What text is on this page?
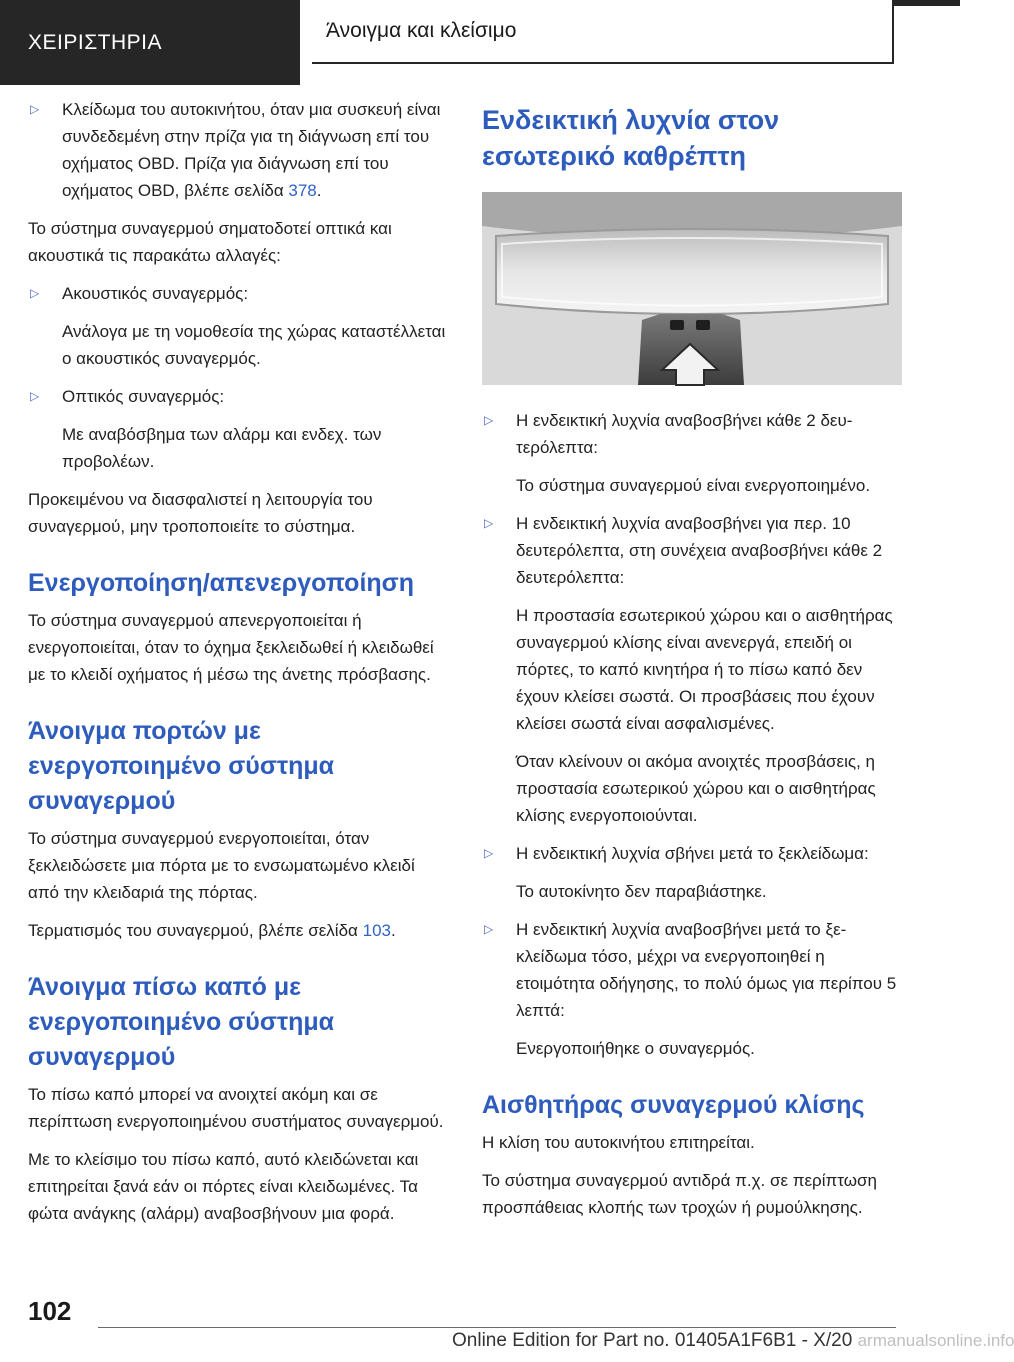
ΧΕΙΡΙΣΤΗΡΙΑ	Άνοιγμα και κλείσιμο
▷ Κλείδωμα του αυτοκινήτου, όταν μια συσκευή είναι συνδεδεμένη στην πρίζα για τη διάγνωση επί του οχήματος OBD. Πρίζα για διάγνωση επί του οχήματος OBD, βλέπε σελίδα 378.
Το σύστημα συναγερμού σηματοδοτεί οπτικά και ακουστικά τις παρακάτω αλλαγές:
▷ Ακουστικός συναγερμός:
Ανάλογα με τη νομοθεσία της χώρας καταστέλλεται ο ακουστικός συναγερμός.
▷ Οπτικός συναγερμός:
Με αναβόσβημα των αλάρμ και ενδεχ. των προβολέων.
Προκειμένου να διασφαλιστεί η λειτουργία του συναγερμού, μην τροποποιείτε το σύστημα.
Ενεργοποίηση/απενεργοποίηση
Το σύστημα συναγερμού απενεργοποιείται ή ενεργοποιείται, όταν το όχημα ξεκλειδωθεί ή κλειδωθεί με το κλειδί οχήματος ή μέσω της άνετης πρόσβασης.
Άνοιγμα πορτών με ενεργοποιημένο σύστημα συναγερμού
Το σύστημα συναγερμού ενεργοποιείται, όταν ξεκλειδώσετε μια πόρτα με το ενσωματωμένο κλειδί από την κλειδαριά της πόρτας.
Τερματισμός του συναγερμού, βλέπε σελίδα 103.
Άνοιγμα πίσω καπό με ενεργοποιημένο σύστημα συναγερμού
Το πίσω καπό μπορεί να ανοιχτεί ακόμη και σε περίπτωση ενεργοποιημένου συστήματος συναγερμού.
Με το κλείσιμο του πίσω καπό, αυτό κλειδώνεται και επιτηρείται ξανά εάν οι πόρτες είναι κλειδωμένες. Τα φώτα ανάγκης (αλάρμ) αναβοσβήνουν μια φορά.
Ενδεικτική λυχνία στον εσωτερικό καθρέπτη
▷ Η ενδεικτική λυχνία αναβοσβήνει κάθε 2 δευτερόλεπτα:
Το σύστημα συναγερμού είναι ενεργοποιημένο.
▷ Η ενδεικτική λυχνία αναβοσβήνει για περ. 10 δευτερόλεπτα, στη συνέχεια αναβοσβήνει κάθε 2 δευτερόλεπτα:
Η προστασία εσωτερικού χώρου και ο αισθητήρας συναγερμού κλίσης είναι ανενεργά, επειδή οι πόρτες, το καπό κινητήρα ή το πίσω καπό δεν έχουν κλείσει σωστά. Οι προσβάσεις που έχουν κλείσει σωστά είναι ασφαλισμένες.
Όταν κλείνουν οι ακόμα ανοιχτές προσβάσεις, η προστασία εσωτερικού χώρου και ο αισθητήρας κλίσης ενεργοποιούνται.
▷ Η ενδεικτική λυχνία σβήνει μετά το ξεκλείδωμα:
Το αυτοκίνητο δεν παραβιάστηκε.
▷ Η ενδεικτική λυχνία αναβοσβήνει μετά το ξεκλείδωμα τόσο, μέχρι να ενεργοποιηθεί η ετοιμότητα οδήγησης, το πολύ όμως για περίπου 5 λεπτά:
Ενεργοποιήθηκε ο συναγερμός.
Αισθητήρας συναγερμού κλίσης
Η κλίση του αυτοκινήτου επιτηρείται.
Το σύστημα συναγερμού αντιδρά π.χ. σε περίπτωση προσπάθειας κλοπής των τροχών ή ρυμούλκησης.
102
Online Edition for Part no. 01405A1F6B1 - X/20 armanualsonline.info
